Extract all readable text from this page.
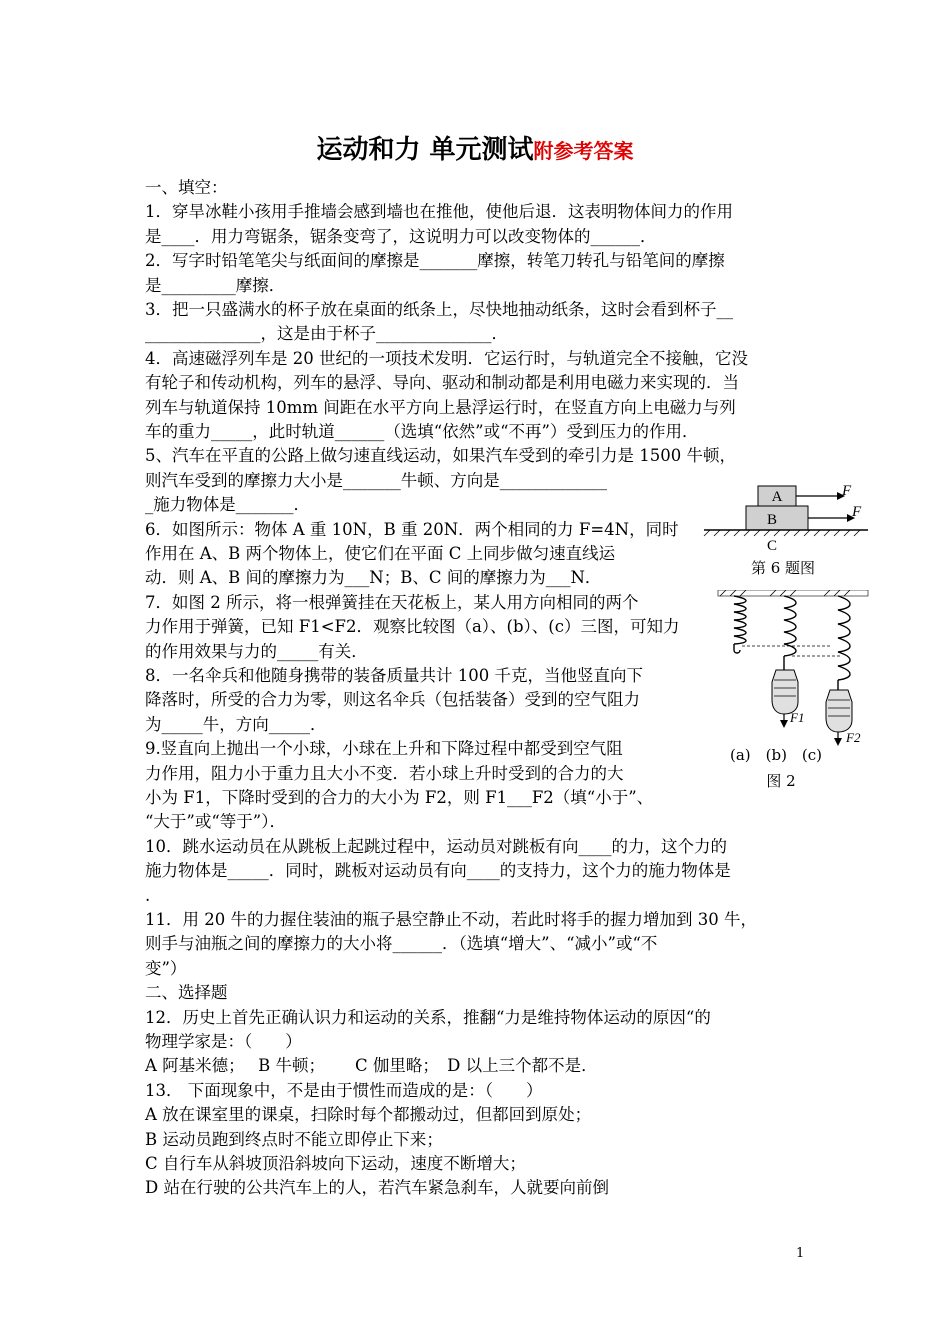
运动和力 单元测试附参考答案
一、填空：
1．穿旱冰鞋小孩用手推墙会感到墙也在推他，使他后退．这表明物体间力的作用
是____．用力弯锯条，锯条变弯了，这说明力可以改变物体的______．
2．写字时铅笔笔尖与纸面间的摩擦是_______摩擦，转笔刀转孔与铅笔间的摩擦
是_________摩擦．
3．把一只盛满水的杯子放在桌面的纸条上，尽快地抽动纸条，这时会看到杯子__
______________，这是由于杯子______________．
4．高速磁浮列车是 20 世纪的一项技术发明．它运行时，与轨道完全不接触，它没
有轮子和传动机构，列车的悬浮、导向、驱动和制动都是利用电磁力来实现的．当
列车与轨道保持 10mm 间距在水平方向上悬浮运行时，在竖直方向上电磁力与列
车的重力_____，此时轨道______（选填“依然”或“不再”）受到压力的作用．
5、汽车在平直的公路上做匀速直线运动，如果汽车受到的牵引力是 1500 牛顿，
则汽车受到的摩擦力大小是_______牛顿、方向是_____________
_施力物体是_______．
6．如图所示：物体 A 重 10N，B 重 20N．两个相同的力 F=4N，同时
作用在 A、B 两个物体上，使它们在平面 C 上同步做匀速直线运
动．则 A、B 间的摩擦力为___N；B、C 间的摩擦力为___N．
7．如图 2 所示，将一根弹簧挂在天花板上，某人用方向相同的两个
力作用于弹簧，已知 F1<F2．观察比较图（a）、(b）、(c）三图，可知力
的作用效果与力的_____有关．
8．一名伞兵和他随身携带的装备质量共计 100 千克，当他竖直向下
降落时，所受的合力为零，则这名伞兵（包括装备）受到的空气阻力
为_____牛，方向_____．
9.竖直向上抛出一个小球，小球在上升和下降过程中都受到空气阻
力作用，阻力小于重力且大小不变．若小球上升时受到的合力的大
小为 F1，下降时受到的合力的大小为 F2，则 F1___F2（填“小于”、
“大于”或“等于”）．
10．跳水运动员在从跳板上起跳过程中，运动员对跳板有向____的力，这个力的
施力物体是_____．同时，跳板对运动员有向____的支持力，这个力的施力物体是
.
11．用 20 牛的力握住装油的瓶子悬空静止不动，若此时将手的握力增加到 30 牛，
则手与油瓶之间的摩擦力的大小将______．（选填“增大”、“减小”或“不
变”）
二、选择题
12．历史上首先正确认识力和运动的关系，推翻“力是维持物体运动的原因“的
物理学家是：（　　）
A 阿基米德；　 B 牛顿；　　 C 伽里略；　D 以上三个都不是．
13． 下面现象中，不是由于惯性而造成的是：（　　）
A 放在课室里的课桌，扫除时每个都搬动过，但都回到原处；
B 运动员跑到终点时不能立即停止下来；
C 自行车从斜坡顶沿斜坡向下运动，速度不断增大；
D 站在行驶的公共汽车上的人，若汽车紧急刹车，人就要向前倒
A
B
F
F
C
第 6 题图
F1
F2
(a)　(b)　(c)
图 2
1
